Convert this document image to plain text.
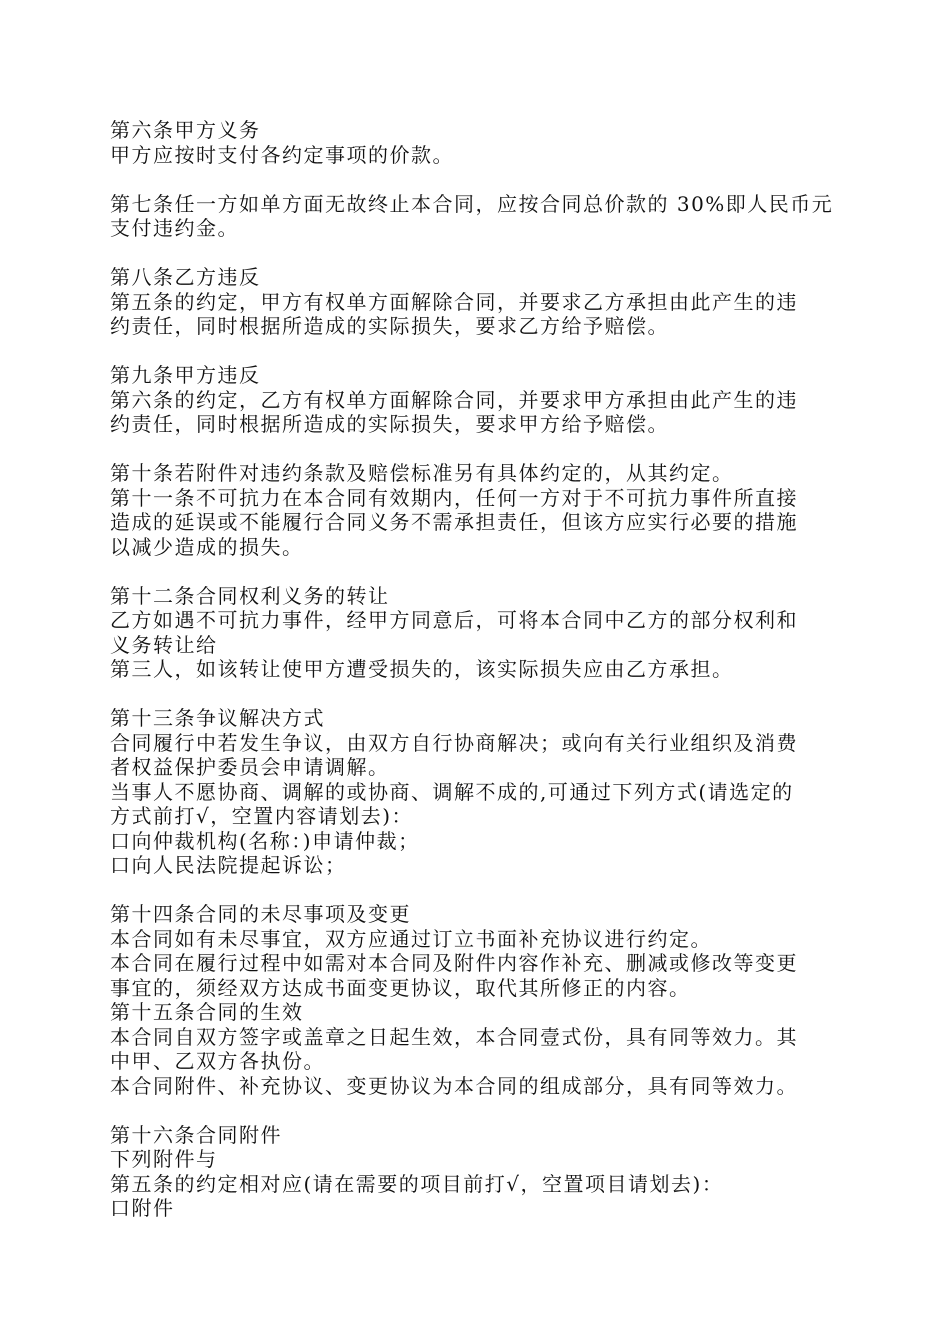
第六条甲方义务
甲方应按时支付各约定事项的价款。
第七条任一方如单方面无故终止本合同，应按合同总价款的 30%即人民币元
支付违约金。
第八条乙方违反
第五条的约定，甲方有权单方面解除合同，并要求乙方承担由此产生的违
约责任，同时根据所造成的实际损失，要求乙方给予赔偿。
第九条甲方违反
第六条的约定，乙方有权单方面解除合同，并要求甲方承担由此产生的违
约责任，同时根据所造成的实际损失，要求甲方给予赔偿。
第十条若附件对违约条款及赔偿标准另有具体约定的，从其约定。
第十一条不可抗力在本合同有效期内，任何一方对于不可抗力事件所直接
造成的延误或不能履行合同义务不需承担责任，但该方应实行必要的措施
以减少造成的损失。
第十二条合同权利义务的转让
乙方如遇不可抗力事件，经甲方同意后，可将本合同中乙方的部分权利和
义务转让给
第三人，如该转让使甲方遭受损失的，该实际损失应由乙方承担。
第十三条争议解决方式
合同履行中若发生争议，由双方自行协商解决；或向有关行业组织及消费
者权益保护委员会申请调解。
当事人不愿协商、调解的或协商、调解不成的,可通过下列方式(请选定的
方式前打√，空置内容请划去)：
口向仲裁机构(名称：)申请仲裁；
口向人民法院提起诉讼；
第十四条合同的未尽事项及变更
本合同如有未尽事宜，双方应通过订立书面补充协议进行约定。
本合同在履行过程中如需对本合同及附件内容作补充、删减或修改等变更
事宜的，须经双方达成书面变更协议，取代其所修正的内容。
第十五条合同的生效
本合同自双方签字或盖章之日起生效，本合同壹式份，具有同等效力。其
中甲、乙双方各执份。
本合同附件、补充协议、变更协议为本合同的组成部分，具有同等效力。
第十六条合同附件
下列附件与
第五条的约定相对应(请在需要的项目前打√，空置项目请划去)：
口附件
